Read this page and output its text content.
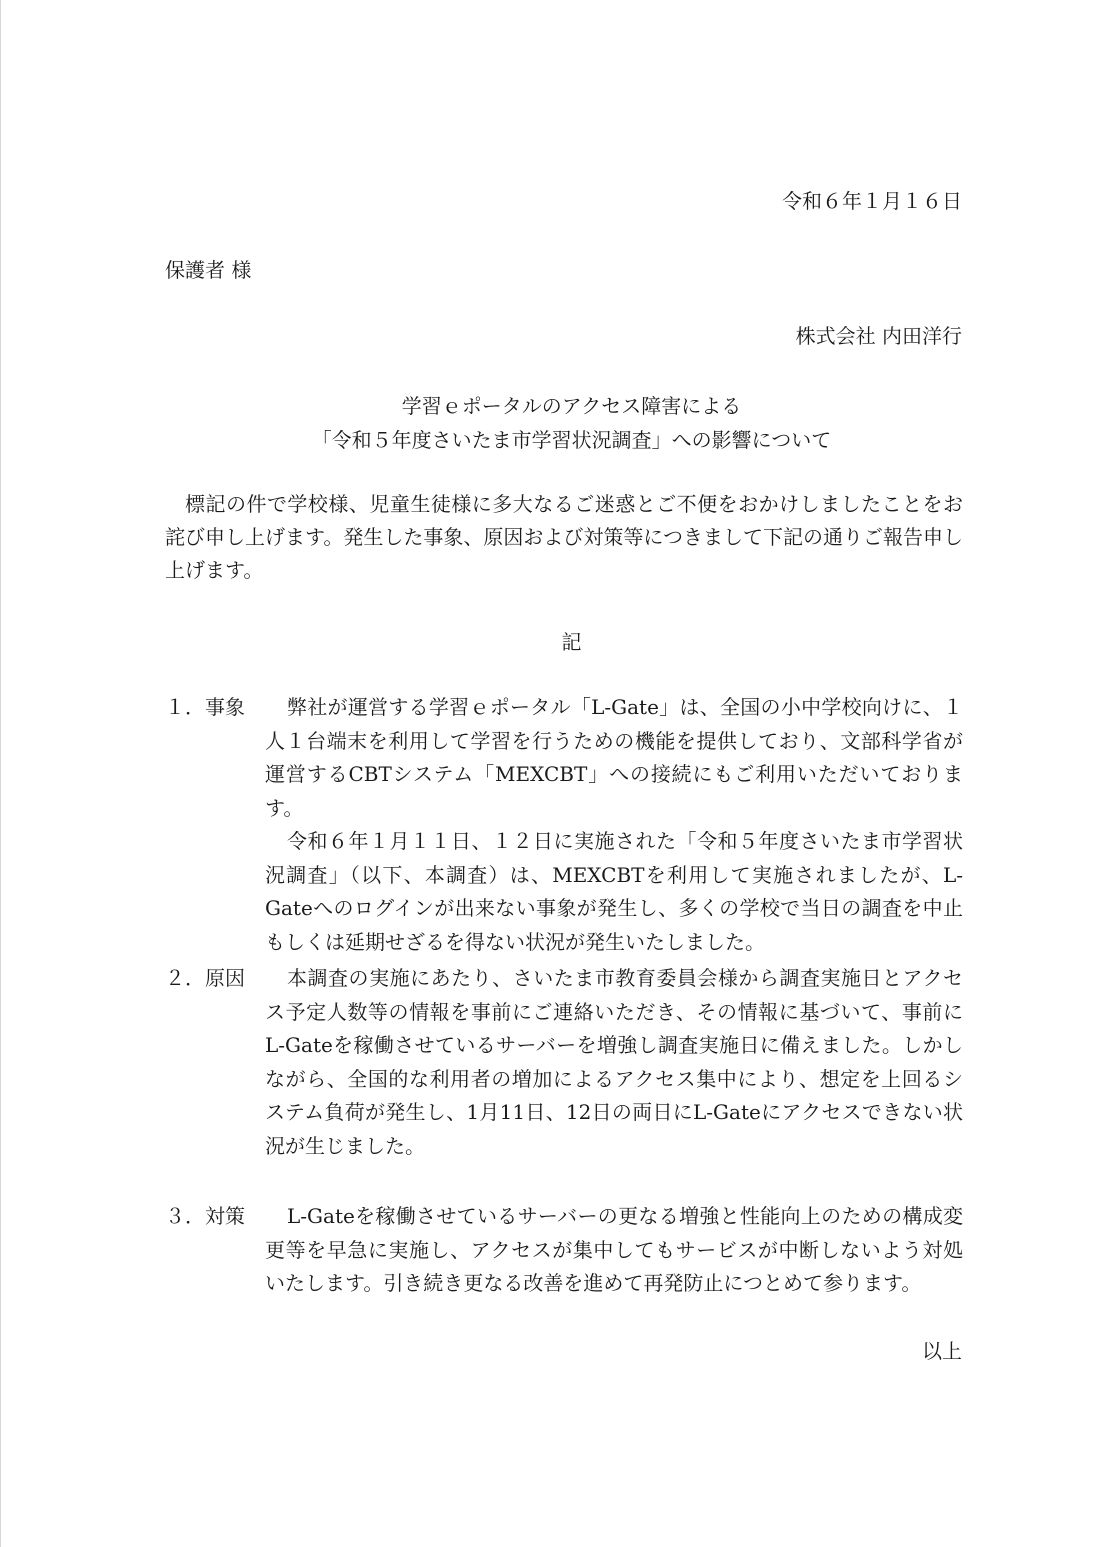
令和６年１月１６日
保護者 様
株式会社 内田洋行
学習ｅポータルのアクセス障害による
「令和５年度さいたま市学習状況調査」への影響について

標記の件で学校様、児童生徒様に多大なるご迷惑とご不便をおかけしましたことをお詫び申し上げます。発生した事象、原因および対策等につきまして下記の通りご報告申し上げます。

記
１．事象	弊社が運営する学習ｅポータル「L-Gate」は、全国の小中学校向けに、１人１台端末を利用して学習を行うための機能を提供しており、文部科学省が運営するCBTシステム「MEXCBT」への接続にもご利用いただいております。

令和６年１月１１日、１２日に実施された「令和５年度さいたま市学習状況調査」（以下、本調査）は、MEXCBTを利用して実施されましたが、L-Gateへのログインが出来ない事象が発生し、多くの学校で当日の調査を中止もしくは延期せざるを得ない状況が発生いたしました。

２．原因	本調査の実施にあたり、さいたま市教育委員会様から調査実施日とアクセス予定人数等の情報を事前にご連絡いただき、その情報に基づいて、事前にL-Gateを稼働させているサーバーを増強し調査実施日に備えました。しかしながら、全国的な利用者の増加によるアクセス集中により、想定を上回るシステム負荷が発生し、1月11日、12日の両日にL-Gateにアクセスできない状況が生じました。

３．対策	L-Gateを稼働させているサーバーの更なる増強と性能向上のための構成変更等を早急に実施し、アクセスが集中してもサービスが中断しないよう対処いたします。引き続き更なる改善を進めて再発防止につとめて参ります。

以上
